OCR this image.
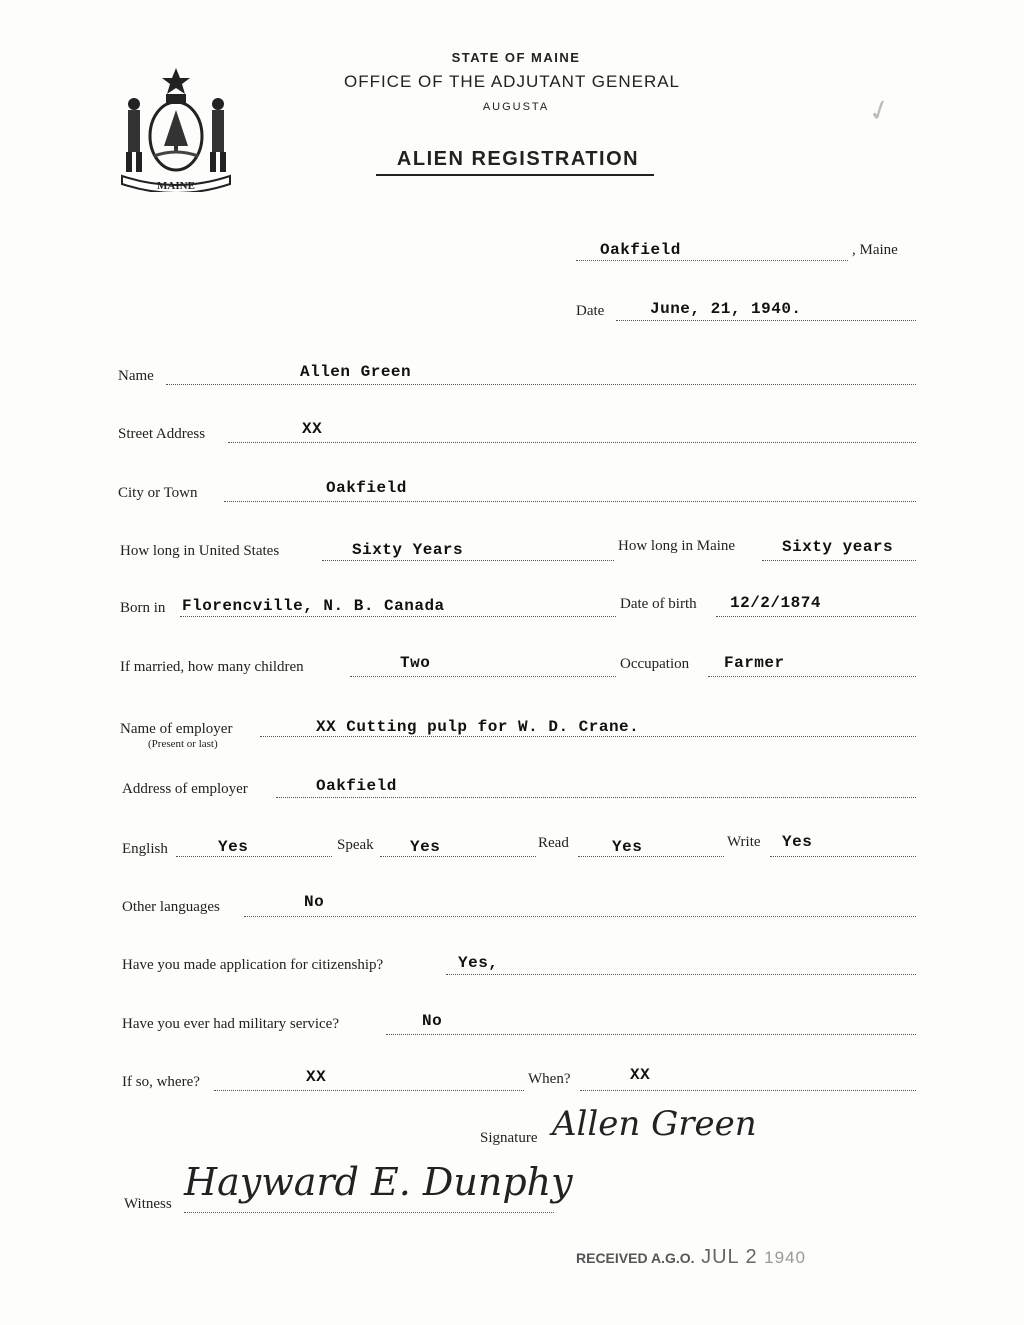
MAINE
STATE OF MAINE
OFFICE OF THE ADJUTANT GENERAL
AUGUSTA
ALIEN REGISTRATION
✓
Oakfield	, Maine
Date	June, 21, 1940.
Name	Allen Green
Street Address	XX
City or Town	Oakfield
How long in United States	Sixty Years	How long in Maine	Sixty years
Born in Florencville, N. B. Canada	Date of birth 12/2/1874
If married, how many children	Two	Occupation Farmer
Name of employer
(Present or last)
XX Cutting pulp for W. D. Crane.
Address of employer	Oakfield
English	Yes	Speak Yes	Read	Yes	Write Yes
Other languages	No
Have you made application for citizenship?	Yes,
Have you ever had military service?	No
If so, where?	XX	When?	XX
Signature Allen Green
Witness Hayward E. Dunphy
RECEIVED A.G.O. JUL 2 1940
